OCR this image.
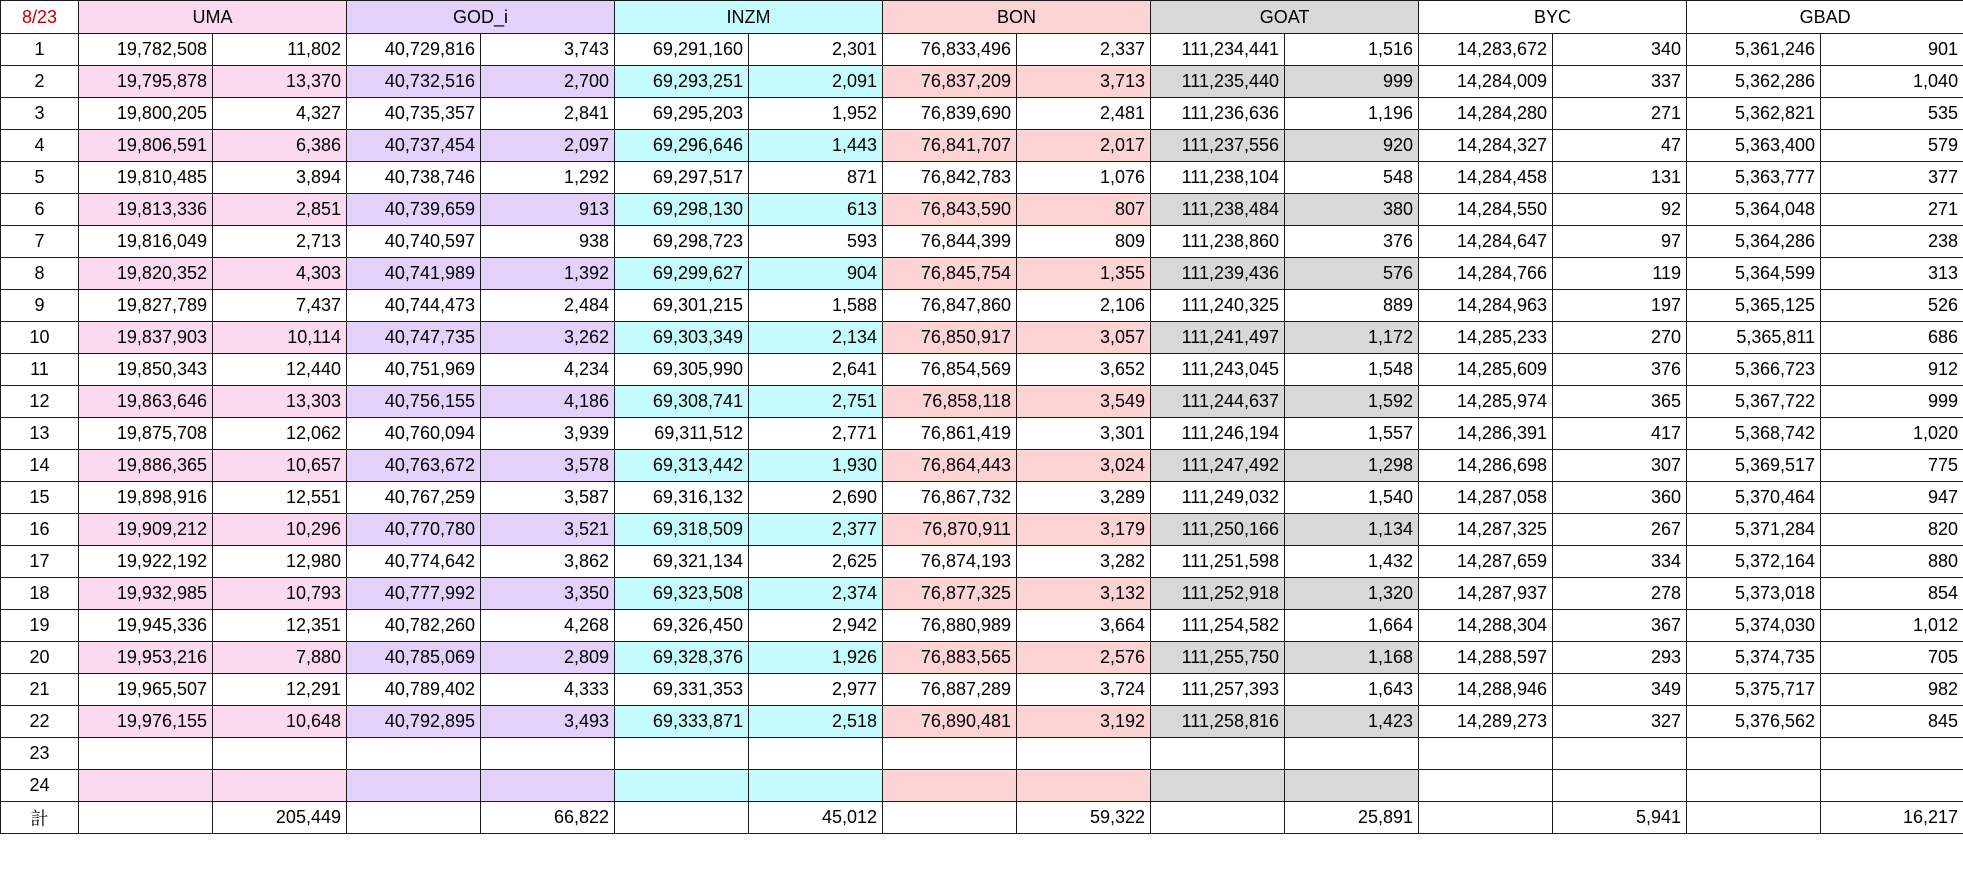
8/23	UMA		GOD_i		INZM		BON		GOAT		BYC		GBAD	
1	19,782,508	11,802	40,729,816	3,743	69,291,160	2,301	76,833,496	2,337	111,234,441	1,516	14,283,672	340	5,361,246	901
2	19,795,878	13,370	40,732,516	2,700	69,293,251	2,091	76,837,209	3,713	111,235,440	999	14,284,009	337	5,362,286	1,040
3	19,800,205	4,327	40,735,357	2,841	69,295,203	1,952	76,839,690	2,481	111,236,636	1,196	14,284,280	271	5,362,821	535
4	19,806,591	6,386	40,737,454	2,097	69,296,646	1,443	76,841,707	2,017	111,237,556	920	14,284,327	47	5,363,400	579
5	19,810,485	3,894	40,738,746	1,292	69,297,517	871	76,842,783	1,076	111,238,104	548	14,284,458	131	5,363,777	377
6	19,813,336	2,851	40,739,659	913	69,298,130	613	76,843,590	807	111,238,484	380	14,284,550	92	5,364,048	271
7	19,816,049	2,713	40,740,597	938	69,298,723	593	76,844,399	809	111,238,860	376	14,284,647	97	5,364,286	238
8	19,820,352	4,303	40,741,989	1,392	69,299,627	904	76,845,754	1,355	111,239,436	576	14,284,766	119	5,364,599	313
9	19,827,789	7,437	40,744,473	2,484	69,301,215	1,588	76,847,860	2,106	111,240,325	889	14,284,963	197	5,365,125	526
10	19,837,903	10,114	40,747,735	3,262	69,303,349	2,134	76,850,917	3,057	111,241,497	1,172	14,285,233	270	5,365,811	686
11	19,850,343	12,440	40,751,969	4,234	69,305,990	2,641	76,854,569	3,652	111,243,045	1,548	14,285,609	376	5,366,723	912
12	19,863,646	13,303	40,756,155	4,186	69,308,741	2,751	76,858,118	3,549	111,244,637	1,592	14,285,974	365	5,367,722	999
13	19,875,708	12,062	40,760,094	3,939	69,311,512	2,771	76,861,419	3,301	111,246,194	1,557	14,286,391	417	5,368,742	1,020
14	19,886,365	10,657	40,763,672	3,578	69,313,442	1,930	76,864,443	3,024	111,247,492	1,298	14,286,698	307	5,369,517	775
15	19,898,916	12,551	40,767,259	3,587	69,316,132	2,690	76,867,732	3,289	111,249,032	1,540	14,287,058	360	5,370,464	947
16	19,909,212	10,296	40,770,780	3,521	69,318,509	2,377	76,870,911	3,179	111,250,166	1,134	14,287,325	267	5,371,284	820
17	19,922,192	12,980	40,774,642	3,862	69,321,134	2,625	76,874,193	3,282	111,251,598	1,432	14,287,659	334	5,372,164	880
18	19,932,985	10,793	40,777,992	3,350	69,323,508	2,374	76,877,325	3,132	111,252,918	1,320	14,287,937	278	5,373,018	854
19	19,945,336	12,351	40,782,260	4,268	69,326,450	2,942	76,880,989	3,664	111,254,582	1,664	14,288,304	367	5,374,030	1,012
20	19,953,216	7,880	40,785,069	2,809	69,328,376	1,926	76,883,565	2,576	111,255,750	1,168	14,288,597	293	5,374,735	705
21	19,965,507	12,291	40,789,402	4,333	69,331,353	2,977	76,887,289	3,724	111,257,393	1,643	14,288,946	349	5,375,717	982
22	19,976,155	10,648	40,792,895	3,493	69,333,871	2,518	76,890,481	3,192	111,258,816	1,423	14,289,273	327	5,376,562	845
23														
24														
計		205,449		66,822		45,012		59,322		25,891		5,941		16,217
